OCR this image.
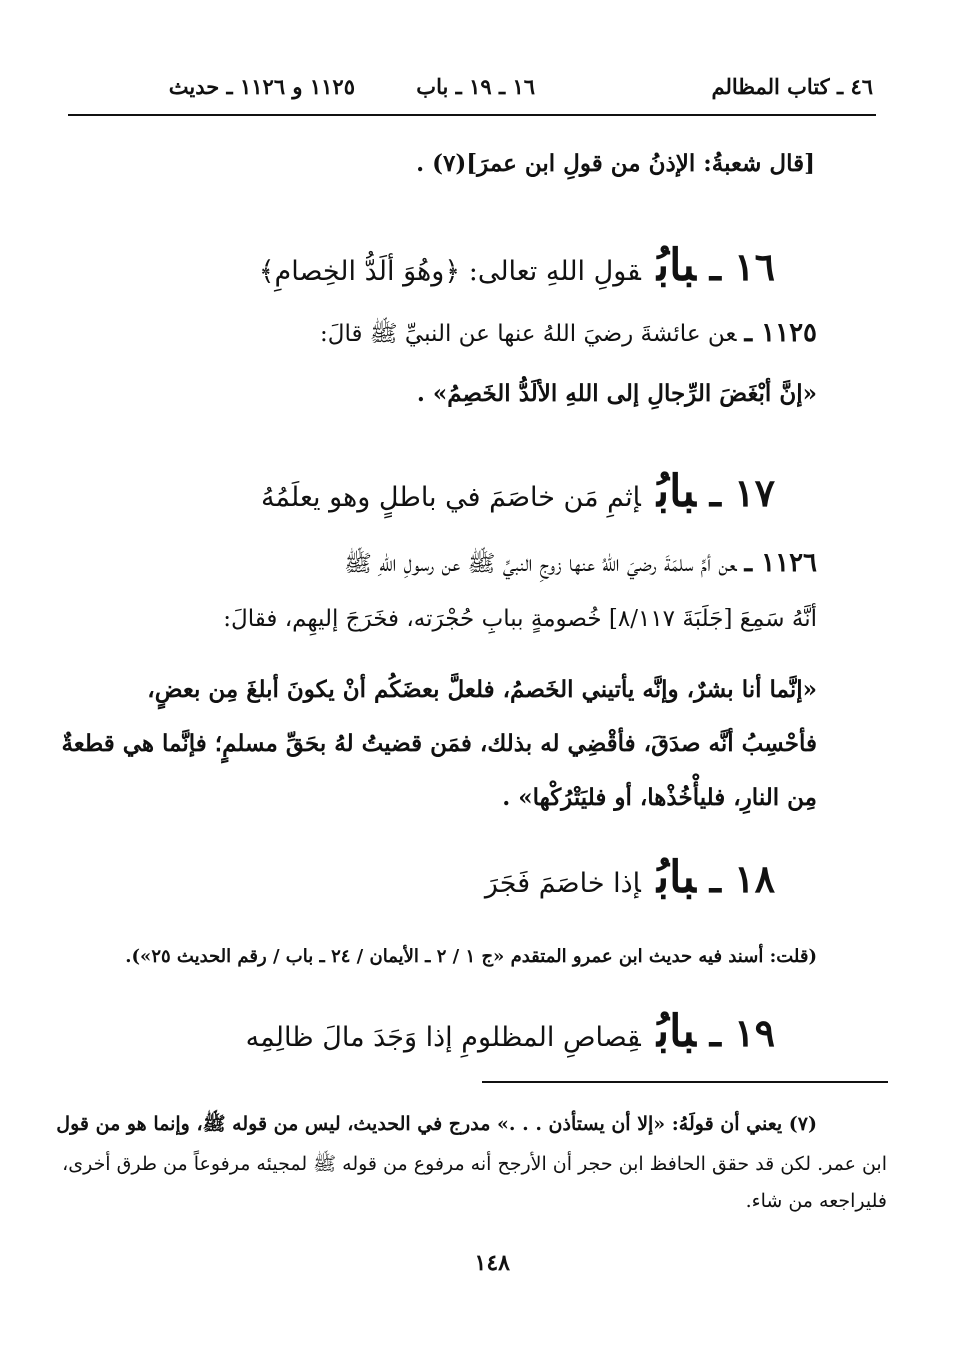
٤٦ ـ كتاب المظالم
١٦ ـ ١٩ ـ باب
١١٢٥ و ١١٢٦ ـ حديث
[قال شعبةُ: الإذنُ من قولِ ابن عمرَ](٧) .
١٦ ـبابُقولِ اللهِ تعالى: ﴿وهُوَ ألَدُّ الخِصامِ﴾
١١٢٥ ـعن عائشةَ رضيَ اللهُ عنها عن النبيِّ ﷺ قالَ:
«إنَّ أبْغَضَ الرِّجالِ إلى اللهِ الألَدُّ الخَصِمُ» .
١٧ ـبابُإثمِ مَن خاصَمَ في باطلٍ وهو يعلَمُهُ
١١٢٦ ـعن أمِّ سلمَةَ رضيَ اللهُ عنها زوجِ النبيِّ ﷺ عن رسولِ اللهِ ﷺ
أنَّهُ سَمِعَ [جَلَبَةَ ٨/١١٧] خُصومةٍ ببابِ حُجْرَته، فخَرَجَ إليهِم، فقالَ:
«إنَّما أنا بشرٌ، وإنَّه يأتيني الخَصمُ، فلعلَّ بعضَكُم أنْ يكونَ أبلغَ مِن بعضٍ،
فأحْسِبُ أنَّه صدَقَ، فأقْضِي له بذلك، فمَن قضيتُ لهُ بحَقِّ مسلمٍ؛ فإنَّما هي قطعةٌ
مِن النارِ، فليأْخُذْها، أو فليَتْرُكْها» .
١٨ ـبابُإذا خاصَمَ فَجَرَ
(قلت: أسند فيه حديث ابن عمرو المتقدم «ج ١ / ٢ ـ الأيمان / ٢٤ ـ باب / رقم الحديث ٢٥»).
١٩ ـبابُقِصاصِ المظلومِ إذا وَجَدَ مالَ ظالِمِه
(٧) يعني أن قولَهُ: «إلا أن يستأذن . . .» مدرج في الحديث، ليس من قوله ﷺ، وإنما هو من قول
ابن عمر. لكن قد حقق الحافظ ابن حجر أن الأرجح أنه مرفوع من قوله ﷺ لمجيئه مرفوعاً من طرق أخرى،
فليراجعه من شاء.
١٤٨
